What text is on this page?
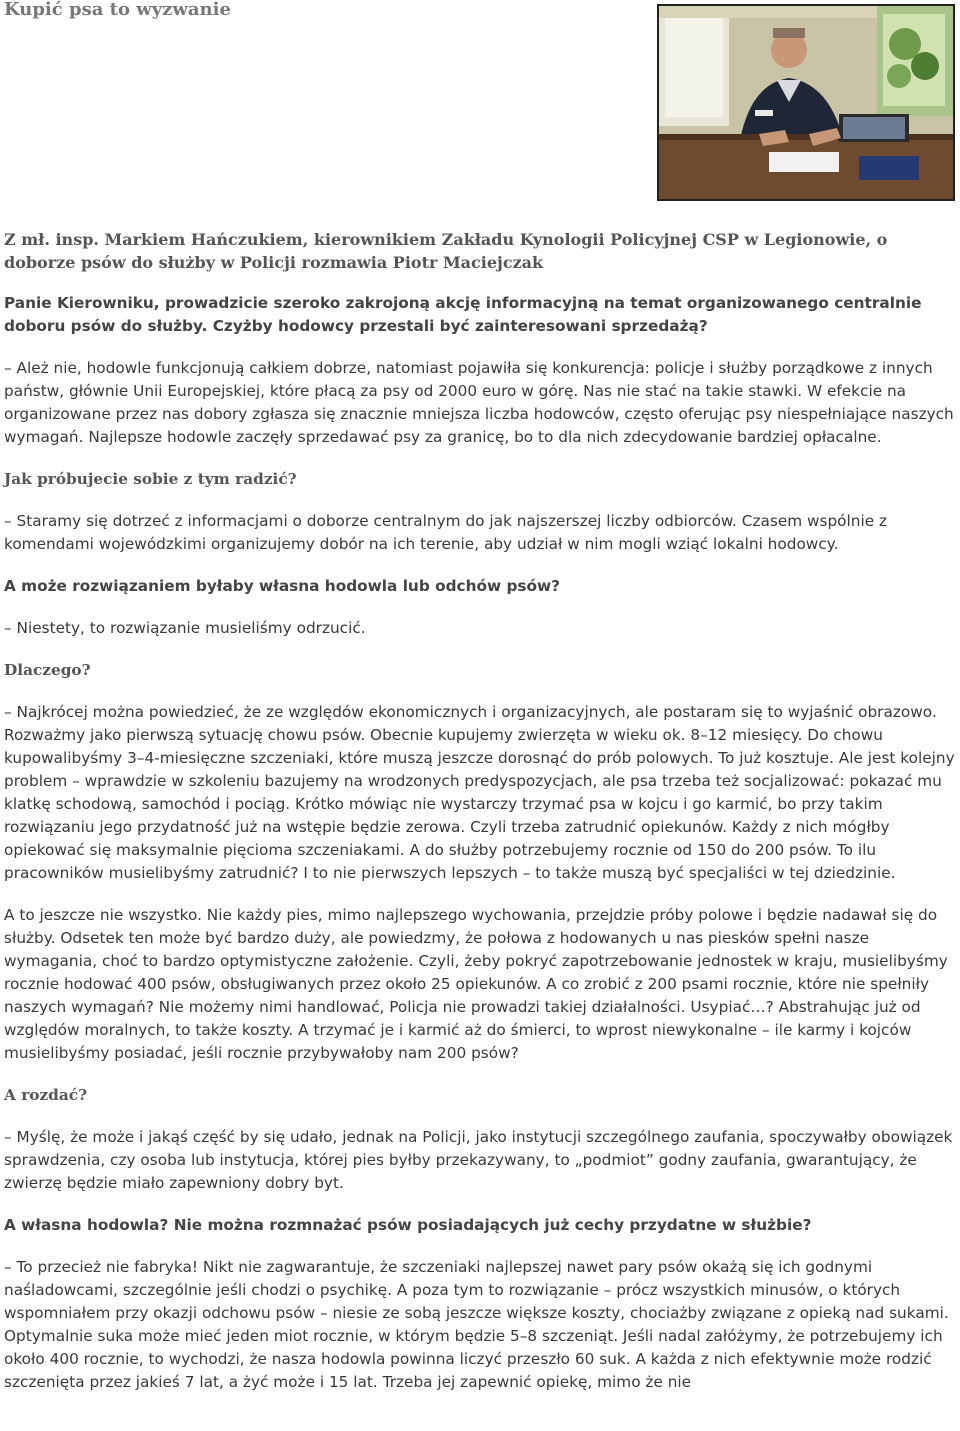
Kupić psa to wyzwanie

Z mł. insp. Markiem Hańczukiem, kierownikiem Zakładu Kynologii Policyjnej CSP w Legionowie, o doborze psów do służby w Policji rozmawia Piotr Maciejczak

Panie Kierowniku, prowadzicie szeroko zakrojoną akcję informacyjną na temat organizowanego centralnie doboru psów do służby. Czyżby hodowcy przestali być zainteresowani sprzedażą?

– Ależ nie, hodowle funkcjonują całkiem dobrze, natomiast pojawiła się konkurencja: policje i służby porządkowe z innych państw, głównie Unii Europejskiej, które płacą za psy od 2000 euro w górę. Nas nie stać na takie stawki. W efekcie na organizowane przez nas dobory zgłasza się znacznie mniejsza liczba hodowców, często oferując psy niespełniające naszych wymagań. Najlepsze hodowle zaczęły sprzedawać psy za granicę, bo to dla nich zdecydowanie bardziej opłacalne.

Jak próbujecie sobie z tym radzić?

– Staramy się dotrzeć z informacjami o doborze centralnym do jak najszerszej liczby odbiorców. Czasem wspólnie z komendami wojewódzkimi organizujemy dobór na ich terenie, aby udział w nim mogli wziąć lokalni hodowcy.

A może rozwiązaniem byłaby własna hodowla lub odchów psów?

– Niestety, to rozwiązanie musieliśmy odrzucić.

Dlaczego?

– Najkrócej można powiedzieć, że ze względów ekonomicznych i organizacyjnych, ale postaram się to wyjaśnić obrazowo. Rozważmy jako pierwszą sytuację chowu psów. Obecnie kupujemy zwierzęta w wieku ok. 8–12 miesięcy. Do chowu kupowalibyśmy 3–4-miesięczne szczeniaki, które muszą jeszcze dorosnąć do prób polowych. To już kosztuje. Ale jest kolejny problem – wprawdzie w szkoleniu bazujemy na wrodzonych predyspozycjach, ale psa trzeba też socjalizować: pokazać mu klatkę schodową, samochód i pociąg. Krótko mówiąc nie wystarczy trzymać psa w kojcu i go karmić, bo przy takim rozwiązaniu jego przydatność już na wstępie będzie zerowa. Czyli trzeba zatrudnić opiekunów. Każdy z nich mógłby opiekować się maksymalnie pięcioma szczeniakami. A do służby potrzebujemy rocznie od 150 do 200 psów. To ilu pracowników musielibyśmy zatrudnić? I to nie pierwszych lepszych – to także muszą być specjaliści w tej dziedzinie.

A to jeszcze nie wszystko. Nie każdy pies, mimo najlepszego wychowania, przejdzie próby polowe i będzie nadawał się do służby. Odsetek ten może być bardzo duży, ale powiedzmy, że połowa z hodowanych u nas piesków spełni nasze wymagania, choć to bardzo optymistyczne założenie. Czyli, żeby pokryć zapotrzebowanie jednostek w kraju, musielibyśmy rocznie hodować 400 psów, obsługiwanych przez około 25 opiekunów. A co zrobić z 200 psami rocznie, które nie spełniły naszych wymagań? Nie możemy nimi handlować, Policja nie prowadzi takiej działalności. Usypiać…? Abstrahując już od względów moralnych, to także koszty. A trzymać je i karmić aż do śmierci, to wprost niewykonalne – ile karmy i kojców musielibyśmy posiadać, jeśli rocznie przybywałoby nam 200 psów?

A rozdać?

– Myślę, że może i jakąś część by się udało, jednak na Policji, jako instytucji szczególnego zaufania, spoczywałby obowiązek sprawdzenia, czy osoba lub instytucja, której pies byłby przekazywany, to „podmiot” godny zaufania, gwarantujący, że zwierzę będzie miało zapewniony dobry byt.

A własna hodowla? Nie można rozmnażać psów posiadających już cechy przydatne w służbie?

– To przecież nie fabryka! Nikt nie zagwarantuje, że szczeniaki najlepszej nawet pary psów okażą się ich godnymi naśladowcami, szczególnie jeśli chodzi o psychikę. A poza tym to rozwiązanie – prócz wszystkich minusów, o których wspomniałem przy okazji odchowu psów – niesie ze sobą jeszcze większe koszty, chociażby związane z opieką nad sukami. Optymalnie suka może mieć jeden miot rocznie, w którym będzie 5–8 szczeniąt. Jeśli nadal załóżymy, że potrzebujemy ich około 400 rocznie, to wychodzi, że nasza hodowla powinna liczyć przeszło 60 suk. A każda z nich efektywnie może rodzić szczenięta przez jakieś 7 lat, a żyć może i 15 lat. Trzeba jej zapewnić opiekę, mimo że nie
